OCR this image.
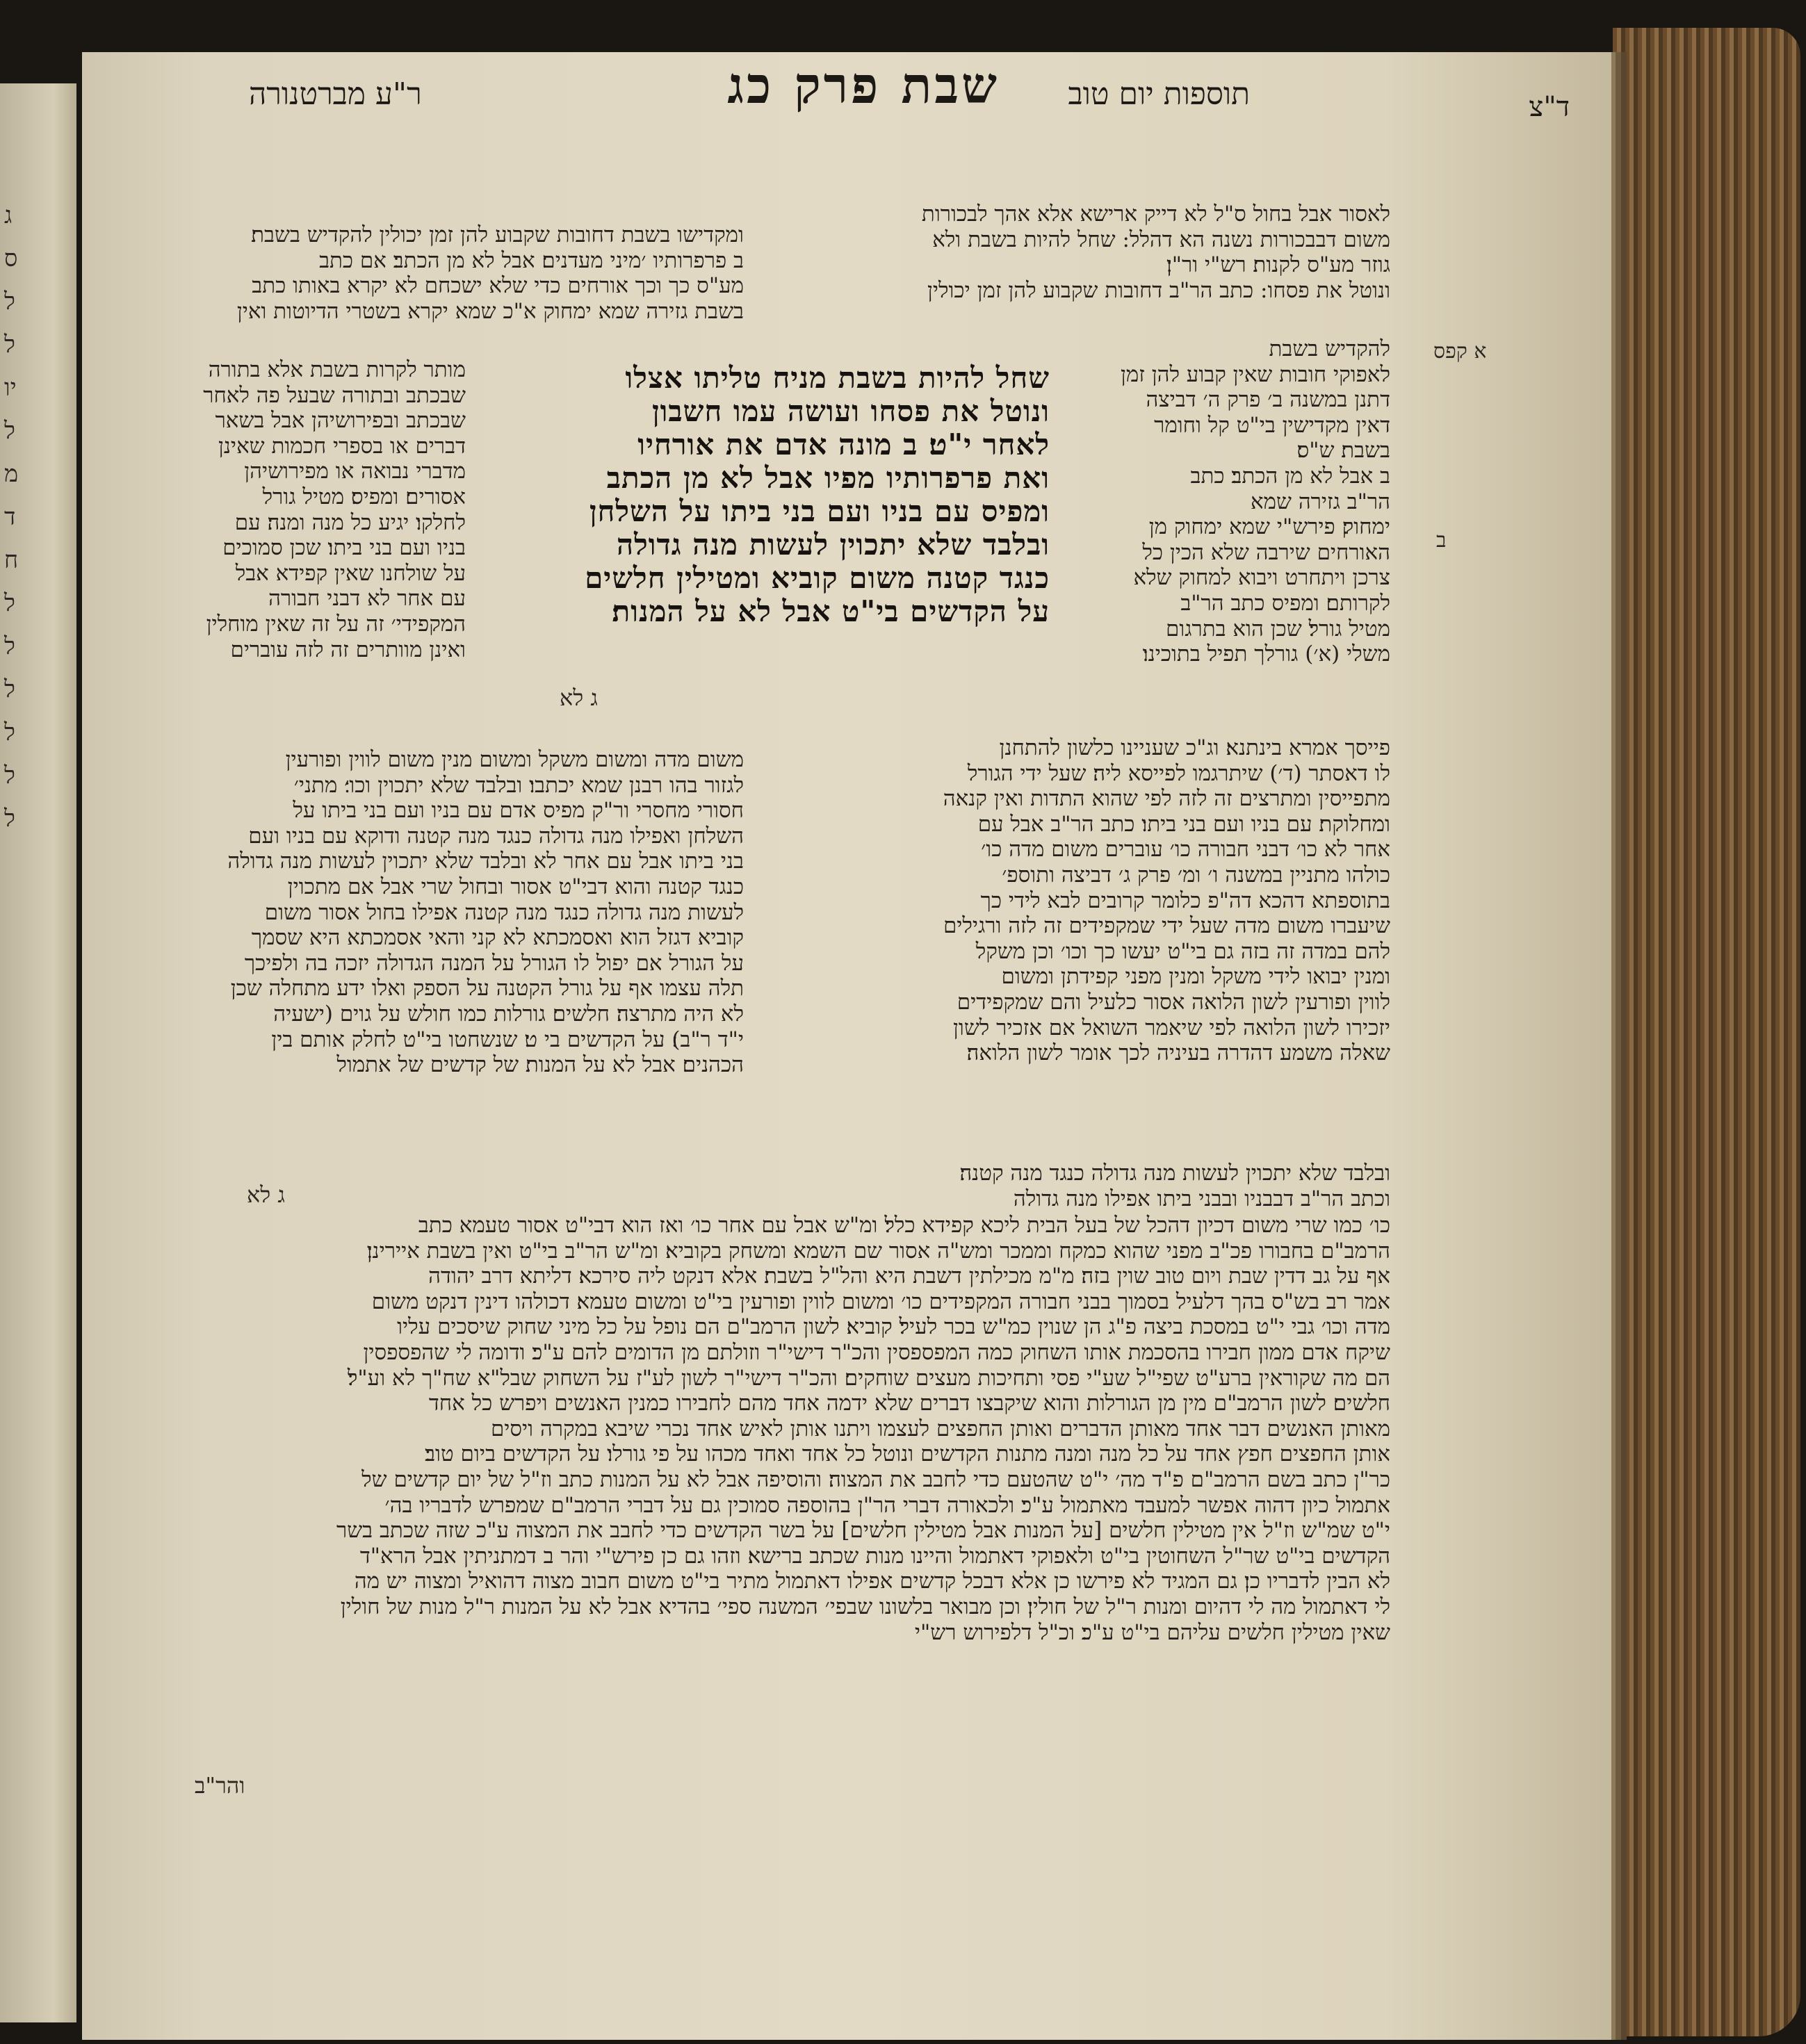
ג
ס
ל
ל
יו
ל
מ
ד
ח
ל
ל
ל
ל
ל
ל
ד"צ
תוספות יום טוב
שבת פרק כג
ר"ע מברטנורה
א קפס
ב
לאסור אבל בחול ס"ל לא דייק ארישא אלא אהך לבכורות
משום דבבכורות נשנה הא דהלל: שחל להיות בשבת ולא
גוזר מע"ס לקנות׃ רש"י ור"ן׃
ונוטל את פסחו: כתב הר"ב דחובות שקבוע להן זמן יכולין
ומקדישו בשבת דחובות שקבוע להן זמן יכולין להקדיש בשבת׃
ב פרפרותיו ׳מיני מעדנים׃ אבל לא מן הכתב׃ אם כתב
מע"ס כך וכך אורחים כדי שלא ישכחם לא יקרא באותו כתב
בשבת גזירה שמא ימחוק א"כ שמא יקרא בשטרי הדיוטות ואין
להקדיש בשבת
לאפוקי חובות שאין קבוע להן זמן
דתנן במשנה ב׳ פרק ה׳ דביצה
דאין מקדישין בי"ט קל וחומר
בשבת׃ ש"ס׃
ב אבל לא מן הכתב׃ כתב
הר"ב גזירה שמא
ימחוק׃ פירש"י שמא ימחוק מן
האורחים שירבה שלא הכין כל
צרכן ויתחרט ויבוא למחוק שלא
לקרותם׃ ומפיס כתב הר"ב
מטיל גורל׃ שכן הוא בתרגום
משלי (א׳) גורלך תפיל בתוכינו׃
שחל להיות בשבת מניח טליתו אצלו
ונוטל את פסחו ועושה עמו חשבון
לאחר י"ט׃ ב מונה אדם את אורחיו
ואת פרפרותיו מפיו אבל לא מן הכתב
ומפיס עם בניו ועם בני ביתו על השלחן
ובלבד שלא יתכוין לעשות מנה גדולה
כנגד קטנה משום קוביא ומטילין חלשים
על הקדשים בי"ט אבל לא על המנות׃
ג לא
מותר לקרות בשבת אלא בתורה
שבכתב ובתורה שבעל פה לאחר
שבכתב ובפירושיהן אבל בשאר
דברים או בספרי חכמות שאינן
מדברי נבואה או מפירושיהן
אסורים׃ ומפיס׃ מטיל גורל
לחלקו׃ יגיע כל מנה ומנה׃ עם
בניו ועם בני ביתו׃ שכן סמוכים
על שולחנו שאין קפידא אבל
עם אחר לא דבני חבורה
המקפידי׳ זה על זה שאין מוחלין
ואינן מוותרים זה לזה עוברים
פייסך אמרא בינתנא׃ וג"כ שעניינו כלשון להתחנן
לו דאסתר (ד׳) שיתרגמו לפייסא ליה׃ שעל ידי הגורל
מתפייסין ומתרצים זה לזה לפי שהוא התדות ואין קנאה
ומחלוקת׃ עם בניו ועם בני ביתו׃ כתב הר"ב אבל עם
אחר לא כו׳ דבני חבורה כו׳ עוברים משום מדה כו׳
כולהו מתניין במשנה ו׳ ומ׳ פרק ג׳ דביצה ותוספ׳
בתוספתא דהכא דה"פ כלומר קרובים לבא לידי כך
שיעברו משום מדה שעל ידי שמקפידים זה לזה ורגילים
להם במדה זה בזה גם בי"ט יעשו כך וכו׳ וכן משקל
ומנין יבואו לידי משקל ומנין מפני קפידתן ומשום
לווין ופורעין לשון הלואה אסור כלעיל והם שמקפידים
יזכירו לשון הלואה לפי שיאמר השואל אם אזכיר לשון
שאלה משמע דהדרה בעיניה לכך אומר לשון הלואה׃
משום מדה ומשום משקל ומשום מנין משום לווין ופורעין
לגזור בהו רבנן שמא יכתבו׃ ובלבד שלא יתכוין וכו׳׃ מתני׳
חסורי מחסרי ור"ק מפיס אדם עם בניו ועם בני ביתו על
השלחן ואפילו מנה גדולה כנגד מנה קטנה ודוקא עם בניו ועם
בני ביתו אבל עם אחר לא ובלבד שלא יתכוין לעשות מנה גדולה
כנגד קטנה והוא דבי"ט אסור ובחול שרי אבל אם מתכוין
לעשות מנה גדולה כנגד מנה קטנה אפילו בחול אסור משום
קוביא דגזל הוא ואסמכתא לא קני והאי אסמכתא היא שסמך
על הגורל אם יפול לו הגורל על המנה הגדולה יזכה בה ולפיכך
תלה עצמו אף על גורל הקטנה על הספק ואלו ידע מתחלה שכן
לא היה מתרצה׃ חלשים׃ גורלות כמו חולש על גוים (ישעיה
י"ד ר"ב)׃ על הקדשים בי ט׃ שנשחטו בי"ט לחלק אותם בין
הכהנים׃ אבל לא על המנות׃ של קדשים של אתמול
ג לא
ובלבד שלא יתכוין לעשות מנה גדולה כנגד מנה קטנה׃
וכתב הר"ב דבבניו ובבני ביתו אפילו מנה גדולה
כו׳ כמו שרי משום דכיון דהכל של בעל הבית ליכא קפידא כלל׃ ומ"ש אבל עם אחר כו׳ ואז הוא דבי"ט אסור טעמא כתב
הרמב"ם בחבורו פכ"ב מפני שהוא כמקח וממכר ומש"ה אסור שם השמא ומשחק בקוביא׃ ומ"ש הר"ב בי"ט ואין בשבת איירינן׃
אף על גב דדין שבת ויום טוב שוין בזה׃ מ"מ מכילתין דשבת היא והל"ל בשבת׃ אלא דנקט ליה סירכא׃ דליתא דרב יהודה
אמר רב בש"ס בהך דלעיל בסמוך בבני חבורה המקפידים כו׳ ומשום לווין ופורעין בי"ט ומשום טעמא׃ דכולהו דינין דנקט משום
מדה וכו׳ גבי י"ט במסכת ביצה פ"ג הן שנוין כמ"ש בכר לעיל׃ קוביא׃ לשון הרמב"ם הם נופל על כל מיני שחוק שיסכים עליו
שיקח אדם ממון חבירו בהסכמת אותו השחוק כמה המפספסין והכ"ר דישי"ר וזולתם מן הדומים להם ע"כ׃ ודומה לי שהפספסין
הם מה שקוראין ברע"ט שפי"ל שע"י פסי ותחיכות מעצים שוחקים׃ והכ"ר דישי"ר לשון לע"ז על השחוק שבל"א שח"ך לא וע"ל׃
חלשים׃ לשון הרמב"ם מין מן הגורלות והוא שיקבצו דברים שלא ידמה אחד מהם לחבירו כמנין האנשים ויפרש כל אחד
מאותן האנשים דבר אחד מאותן הדברים ואותן החפצים לעצמו ויתנו אותן לאיש אחד נכרי שיבא במקרה ויסים
אותן החפצים חפץ אחד על כל מנה ומנה מתנות הקדשים ונוטל כל אחד ואחד מכהו על פי גורלו׃ על הקדשים ביום טוב׃
כר"ן כתב בשם הרמב"ם פ"ד מה׳ י"ט שהטעם כדי לחבב את המצוה׃ והוסיפה אבל לא על המנות כתב וז"ל של יום קדשים של
אתמול כיון דהוה אפשר למעבד מאתמול ע"כ׃ ולכאורה דברי הר"ן בהוספה סמוכין גם על דברי הרמב"ם שמפרש לדבריו בה׳
י"ט שמ"ש וז"ל אין מטילין חלשים [על המנות אבל מטילין חלשים] על בשר הקדשים כדי לחבב את המצוה ע"כ שזה שכתב בשר
הקדשים בי"ט שר"ל השחוטין בי"ט ולאפוקי דאתמול והיינו מנות שכתב ברישא׃ וזהו גם כן פירש"י והר ב דמתניתין אבל הרא"ד
לא הבין לדבריו כן׃ גם המגיד לא פירשו כן אלא דבכל קדשים אפילו דאתמול מתיר בי"ט משום חבוב מצוה דהואיל ומצוה יש מה
לי דאתמול מה לי דהיום ומנות ר"ל של חולין׃ וכן מבואר בלשונו שבפי׳ המשנה ספי׳ בהדיא אבל לא על המנות ר"ל מנות של חולין
שאין מטילין חלשים עליהם בי"ט ע"כ׃ וכ"ל דלפירוש רש"י
והר"ב
